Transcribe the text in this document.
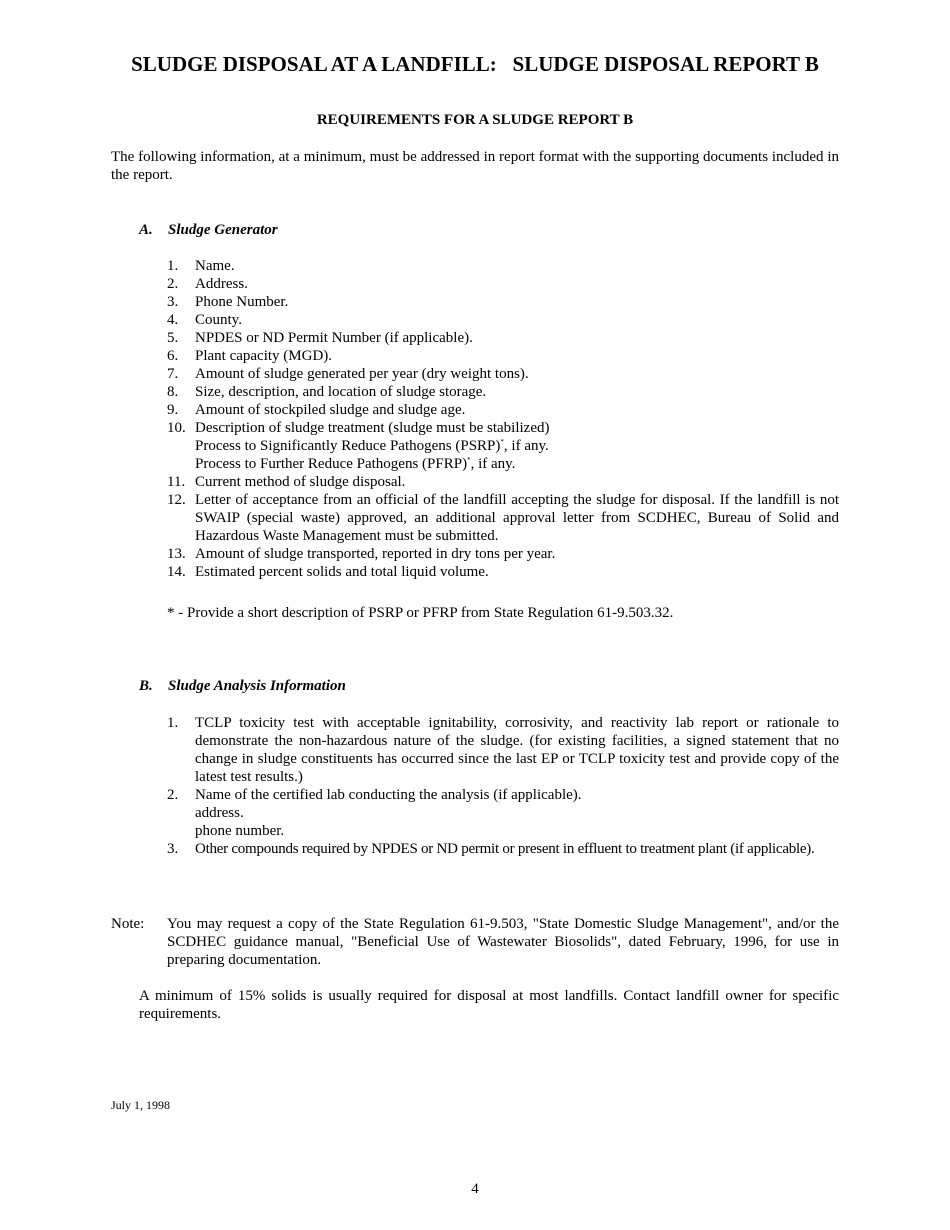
SLUDGE DISPOSAL AT A LANDFILL:   SLUDGE DISPOSAL REPORT B
REQUIREMENTS FOR A SLUDGE REPORT B
The following information, at a minimum, must be addressed in report format with the supporting documents included in the report.
A. Sludge Generator
1.	Name.
2.	Address.
3.	Phone Number.
4.	County.
5.	NPDES or ND Permit Number (if applicable).
6.	Plant capacity (MGD).
7.	Amount of sludge generated per year (dry weight tons).
8.	Size, description, and location of sludge storage.
9.	Amount of stockpiled sludge and sludge age.
10. Description of sludge treatment (sludge must be stabilized)
Process to Significantly Reduce Pathogens (PSRP)*, if any.
Process to Further Reduce Pathogens (PFRP)*, if any.
11. Current method of sludge disposal.
12. Letter of acceptance from an official of the landfill accepting the sludge for disposal. If the landfill is not SWAIP (special waste) approved, an additional approval letter from SCDHEC, Bureau of Solid and Hazardous Waste Management must be submitted.
13. Amount of sludge transported, reported in dry tons per year.
14. Estimated percent solids and total liquid volume.
* - Provide a short description of PSRP or PFRP from State Regulation 61-9.503.32.
B. Sludge Analysis Information
1.	TCLP toxicity test with acceptable ignitability, corrosivity, and reactivity lab report or rationale to demonstrate the non-hazardous nature of the sludge. (for existing facilities, a signed statement that no change in sludge constituents has occurred since the last EP or TCLP toxicity test and provide copy of the latest test results.)
2.	Name of the certified lab conducting the analysis (if applicable).
address.
phone number.
3.	Other compounds required by NPDES or ND permit or present in effluent to treatment plant (if applicable).
Note:	You may request a copy of the State Regulation 61-9.503, "State Domestic Sludge Management", and/or the SCDHEC guidance manual, "Beneficial Use of Wastewater Biosolids", dated February, 1996, for use in preparing documentation.
A minimum of 15% solids is usually required for disposal at most landfills. Contact landfill owner for specific requirements.
July 1, 1998
4
